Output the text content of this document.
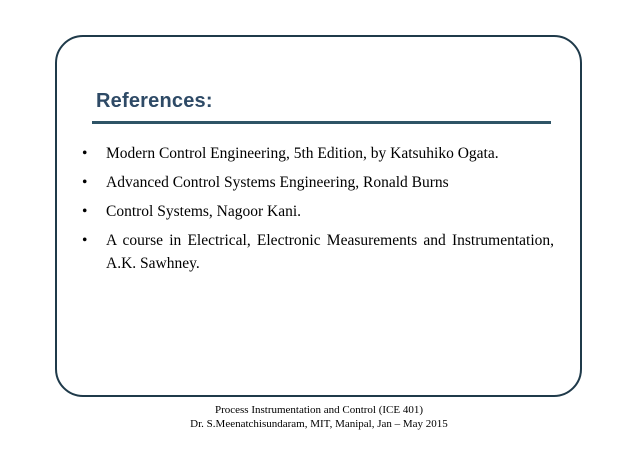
References:
• Modern Control Engineering, 5th Edition, by Katsuhiko Ogata.
• Advanced Control Systems Engineering, Ronald Burns
• Control Systems, Nagoor Kani.
• A course in Electrical, Electronic Measurements and Instrumentation, A.K. Sawhney.
Process Instrumentation and Control (ICE 401)
Dr. S.Meenatchisundaram, MIT, Manipal, Jan – May 2015
